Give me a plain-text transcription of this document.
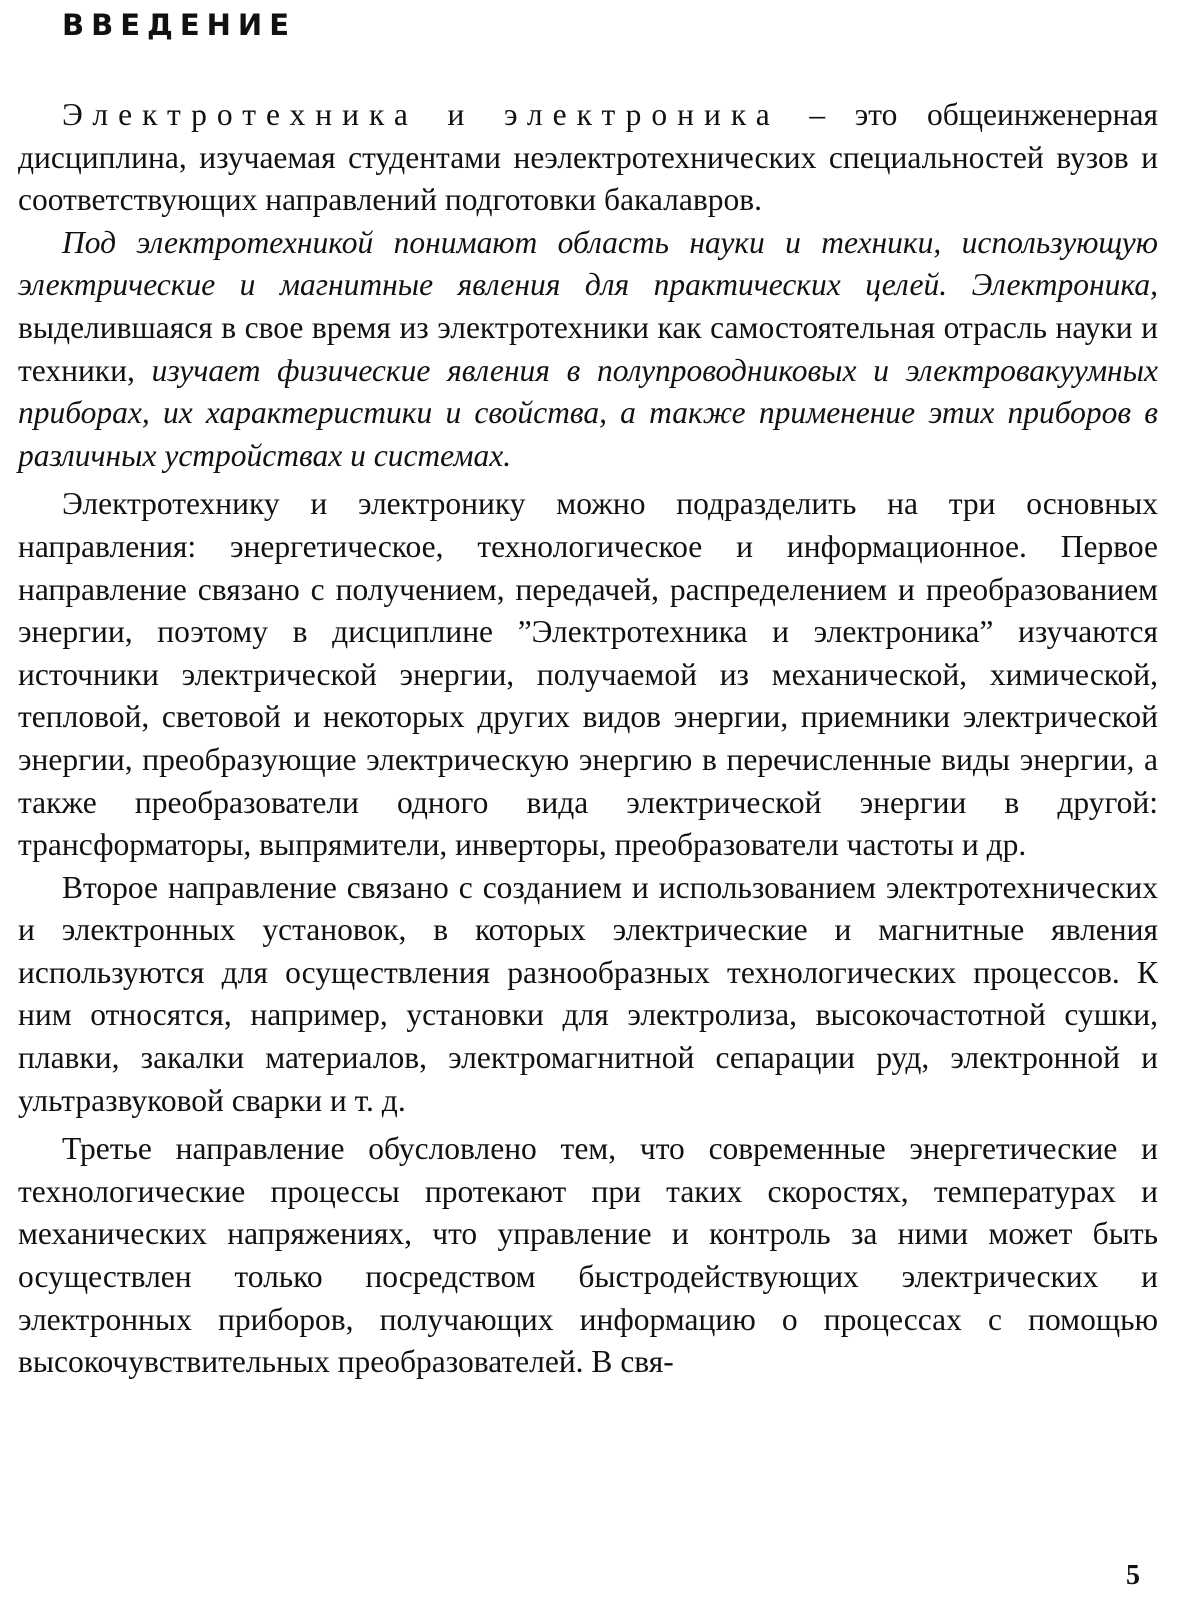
ВВЕДЕНИЕ

Электротехника и электроника – это общеинженерная дисциплина, изучаемая студентами неэлектротехнических специальностей вузов и соответствующих направлений подготовки бакалавров.

Под электротехникой понимают область науки и техники, использующую электрические и магнитные явления для практических целей. Электроника, выделившаяся в свое время из электротехники как самостоятельная отрасль науки и техники, изучает физические явления в полупроводниковых и электровакуумных приборах, их характеристики и свойства, а также применение этих приборов в различных устройствах и системах.

Электротехнику и электронику можно подразделить на три основных направления: энергетическое, технологическое и информационное. Первое направление связано с получением, передачей, распределением и преобразованием энергии, поэтому в дисциплине ”Электротехника и электроника” изучаются источники электрической энергии, получаемой из механической, химической, тепловой, световой и некоторых других видов энергии, приемники электрической энергии, преобразующие электрическую энергию в перечисленные виды энергии, а также преобразователи одного вида электрической энергии в другой: трансформаторы, выпрямители, инверторы, преобразователи частоты и др.

Второе направление связано с созданием и использованием электротехнических и электронных установок, в которых электрические и магнитные явления используются для осуществления разнообразных технологических процессов. К ним относятся, например, установки для электролиза, высокочастотной сушки, плавки, закалки материалов, электромагнитной сепарации руд, электронной и ультразвуковой сварки и т. д.

Третье направление обусловлено тем, что современные энергетические и технологические процессы протекают при таких скоростях, температурах и механических напряжениях, что управление и контроль за ними может быть осуществлен только посредством быстродействующих электрических и электронных приборов, получающих информацию о процессах с помощью высокочувствительных преобразователей. В свя-

5
